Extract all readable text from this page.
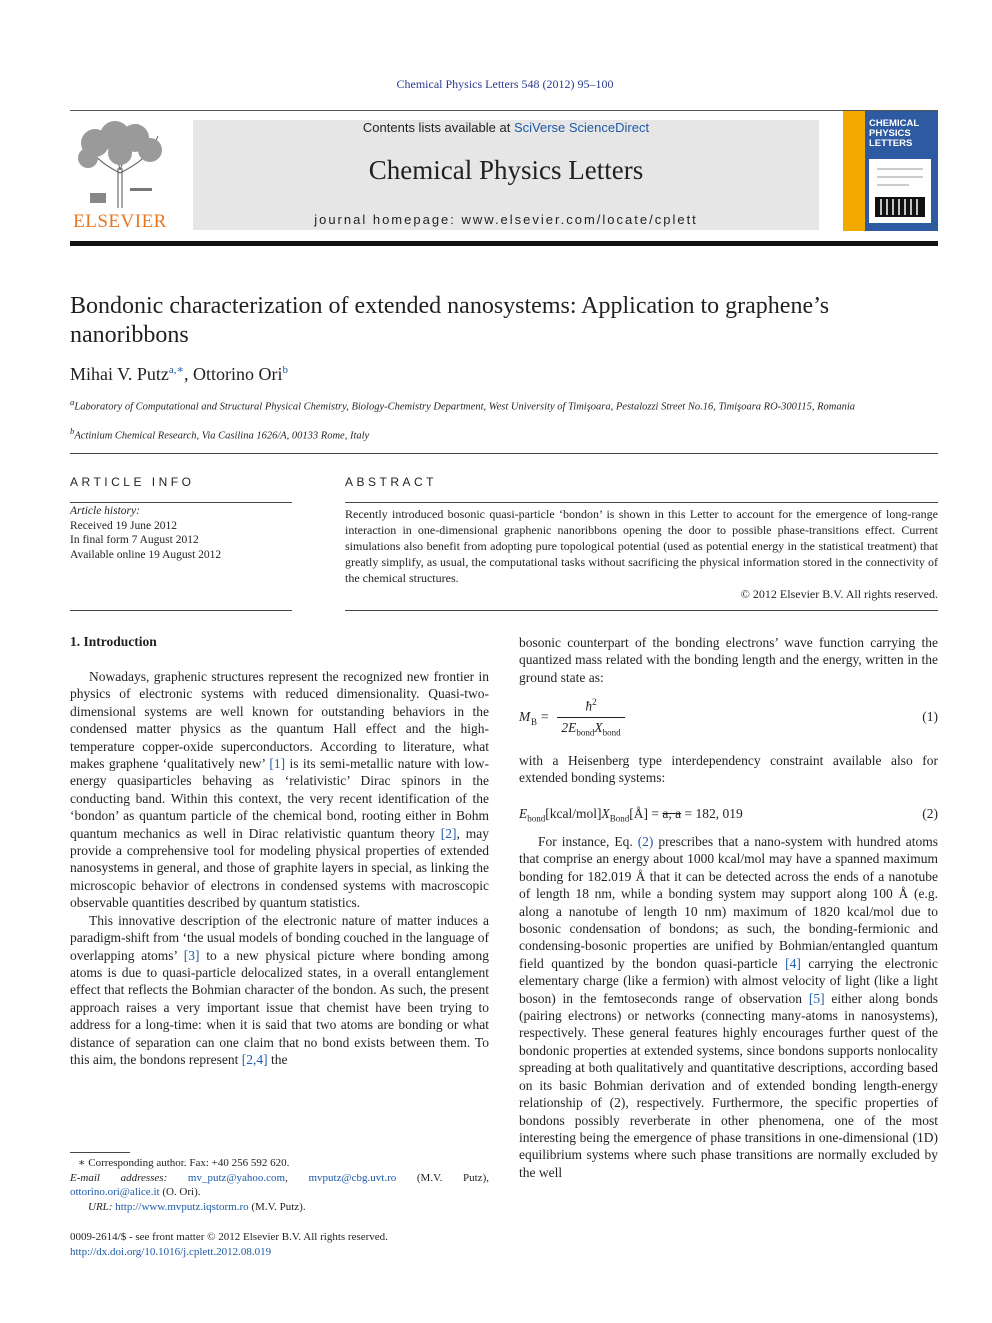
Chemical Physics Letters 548 (2012) 95–100
ELSEVIER
Contents lists available at SciVerse ScienceDirect
Chemical Physics Letters
journal homepage: www.elsevier.com/locate/cplett
CHEMICAL
PHYSICS
LETTERS
Bondonic characterization of extended nanosystems: Application to graphene’s nanoribbons
Mihai V. Putz$^{a,∗}$, Ottorino Ori$^b$
$^a$Laboratory of Computational and Structural Physical Chemistry, Biology-Chemistry Department, West University of Timişoara, Pestalozzi Street No.16, Timişoara RO-300115, Romania
$^b$Actinium Chemical Research, Via Casilina 1626/A, 00133 Rome, Italy
ARTICLE INFO
Article history:
Received 19 June 2012
In final form 7 August 2012
Available online 19 August 2012
ABSTRACT
Recently introduced bosonic quasi-particle ‘bondon’ is shown in this Letter to account for the emergence of long-range interaction in one-dimensional graphenic nanoribbons opening the door to possible phase-transitions effect. Current simulations also benefit from adopting pure topological potential (used as potential energy in the statistical treatment) that greatly simplify, as usual, the computational tasks without sacrificing the physical information stored in the connectivity of the chemical structures.
© 2012 Elsevier B.V. All rights reserved.
1. Introduction

Nowadays, graphenic structures represent the recognized new frontier in physics of electronic systems with reduced dimensionality. Quasi-two-dimensional systems are well known for outstanding behaviors in the condensed matter physics as the quantum Hall effect and the high-temperature copper-oxide superconductors. According to literature, what makes graphene ‘qualitatively new’ [1] is its semi-metallic nature with low-energy quasiparticles behaving as ‘relativistic’ Dirac spinors in the conducting band. Within this context, the very recent identification of the ‘bondon’ as quantum particle of the chemical bond, rooting either in Bohm quantum mechanics as well in Dirac relativistic quantum theory [2], may provide a comprehensive tool for modeling physical properties of extended nanosystems in general, and those of graphite layers in special, as linking the microscopic behavior of electrons in condensed systems with macroscopic observable quantities described by quantum statistics.

This innovative description of the electronic nature of matter induces a paradigm-shift from ‘the usual models of bonding couched in the language of overlapping atoms’ [3] to a new physical picture where bonding among atoms is due to quasi-particle delocalized states, in a overall entanglement effect that reflects the Bohmian character of the bondon. As such, the present approach raises a very important issue that chemist have been trying to address for a long-time: when it is said that two atoms are bonding or what distance of separation can one claim that no bond exists between them. To this aim, the bondons represent [2,4] the

∗ Corresponding author. Fax: +40 256 592 620.
E-mail addresses: mv_putz@yahoo.com, mvputz@cbg.uvt.ro (M.V. Putz), ottorino.ori@alice.it (O. Ori).
URL: http://www.mvputz.iqstorm.ro (M.V. Putz).
0009-2614/$ - see front matter © 2012 Elsevier B.V. All rights reserved.
http://dx.doi.org/10.1016/j.cplett.2012.08.019
bosonic counterpart of the bonding electrons’ wave function carrying the quantized mass related with the bonding length and the energy, written in the ground state as:
M B =
$ħ^2$
$2E_{bond}X_{bond}$
(1)
with a Heisenberg type interdependency constraint available also for extended bonding systems:
$E_{bond}[kcal/mol]X_{Bond}[Å] = a$, a = 182, 019	(2)

For instance, Eq. (2) prescribes that a nano-system with hundred atoms that comprise an energy about 1000 kcal/mol may have a spanned maximum bonding for 182.019 Å that it can be detected across the ends of a nanotube of length 18 nm, while a bonding system may support along 100 Å (e.g. along a nanotube of length 10 nm) maximum of 1820 kcal/mol due to bosonic condensation of bondons; as such, the bonding-fermionic and condensing-bosonic properties are unified by Bohmian/entangled quantum field quantized by the bondon quasi-particle [4] carrying the electronic elementary charge (like a fermion) with almost velocity of light (like a light boson) in the femtoseconds range of observation [5] either along bonds (pairing electrons) or networks (connecting many-atoms in nanosystems), respectively. These general features highly encourages further quest of the bondonic properties at extended systems, since bondons supports nonlocality spreading at both qualitatively and quantitative descriptions, according based on its basic Bohmian derivation and of extended bonding length-energy relationship of (2), respectively. Furthermore, the specific properties of bondons possibly reverberate in other phenomena, one of the most interesting being the emergence of phase transitions in one-dimensional (1D) equilibrium systems where such phase transitions are normally excluded by the well
